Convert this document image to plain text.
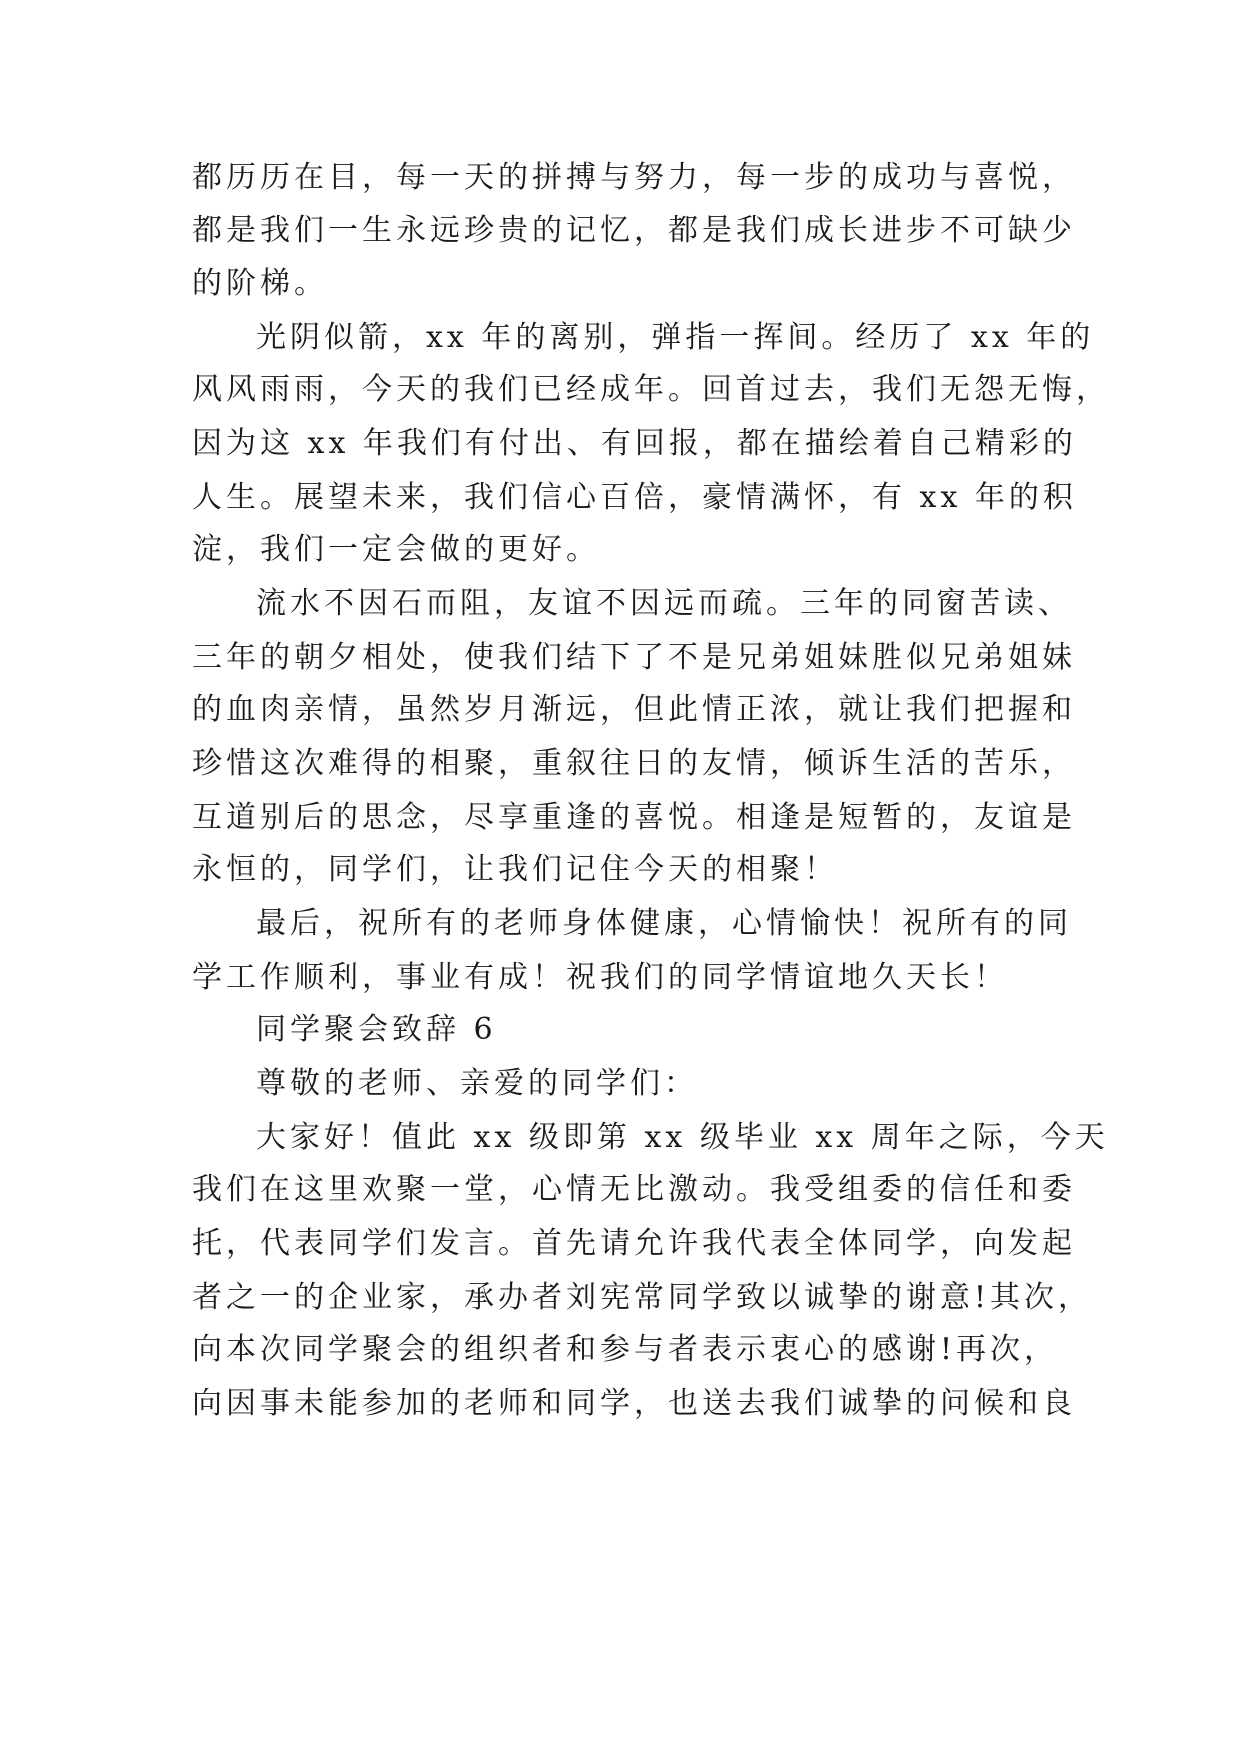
都历历在目，每一天的拼搏与努力，每一步的成功与喜悦，
都是我们一生永远珍贵的记忆，都是我们成长进步不可缺少
的阶梯。
光阴似箭，xx 年的离别，弹指一挥间。经历了 xx 年的
风风雨雨，今天的我们已经成年。回首过去，我们无怨无悔，
因为这 xx 年我们有付出、有回报，都在描绘着自己精彩的
人生。展望未来，我们信心百倍，豪情满怀，有 xx 年的积
淀，我们一定会做的更好。
流水不因石而阻，友谊不因远而疏。三年的同窗苦读、
三年的朝夕相处，使我们结下了不是兄弟姐妹胜似兄弟姐妹
的血肉亲情，虽然岁月渐远，但此情正浓，就让我们把握和
珍惜这次难得的相聚，重叙往日的友情，倾诉生活的苦乐，
互道别后的思念，尽享重逢的喜悦。相逢是短暂的，友谊是
永恒的，同学们，让我们记住今天的相聚！
最后，祝所有的老师身体健康，心情愉快！祝所有的同
学工作顺利，事业有成！祝我们的同学情谊地久天长！
同学聚会致辞 6
尊敬的老师、亲爱的同学们：
大家好！值此 xx 级即第 xx 级毕业 xx 周年之际，今天
我们在这里欢聚一堂，心情无比激动。我受组委的信任和委
托，代表同学们发言。首先请允许我代表全体同学，向发起
者之一的企业家，承办者刘宪常同学致以诚挚的谢意!其次，
向本次同学聚会的组织者和参与者表示衷心的感谢!再次，
向因事未能参加的老师和同学，也送去我们诚挚的问候和良
